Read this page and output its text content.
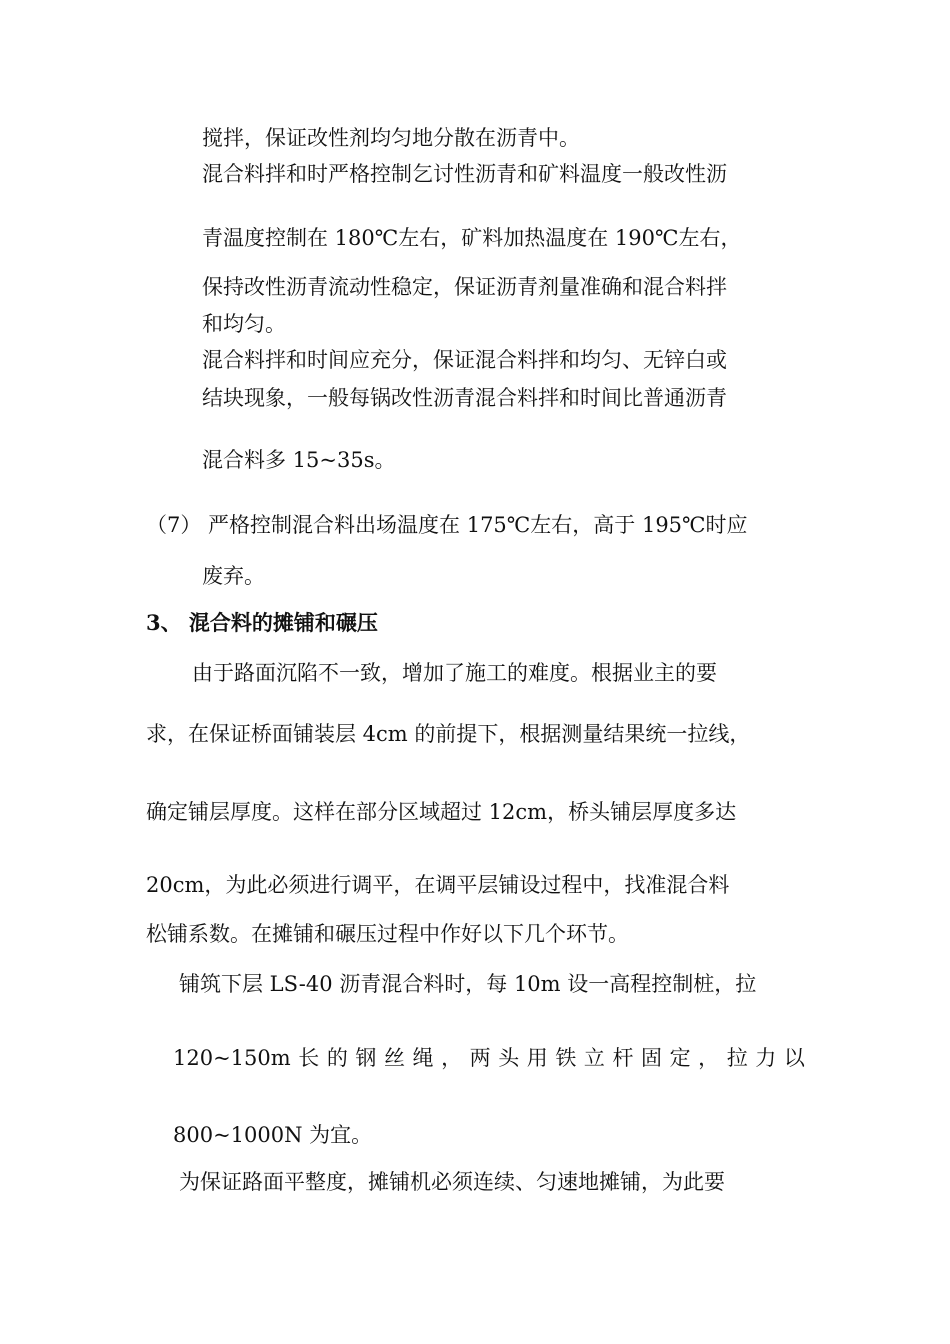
搅拌，保证改性剂均匀地分散在沥青中。
混合料拌和时严格控制乞讨性沥青和矿料温度一般改性沥
青温度控制在 180℃左右，矿料加热温度在 190℃左右，
保持改性沥青流动性稳定，保证沥青剂量准确和混合料拌
和均匀。
混合料拌和时间应充分，保证混合料拌和均匀、无锌白或
结块现象，一般每锅改性沥青混合料拌和时间比普通沥青
混合料多 15~35s。
（7） 严格控制混合料出场温度在 175℃左右，高于 195℃时应
废弃。
3、 混合料的摊铺和碾压
由于路面沉陷不一致，增加了施工的难度。根据业主的要
求，在保证桥面铺装层 4cm 的前提下，根据测量结果统一拉线，
确定铺层厚度。这样在部分区域超过 12cm，桥头铺层厚度多达
20cm，为此必须进行调平，在调平层铺设过程中，找准混合料
松铺系数。在摊铺和碾压过程中作好以下几个环节。
铺筑下层 LS-40 沥青混合料时，每 10m 设一高程控制桩，拉
120~150m 长 的 钢 丝 绳 ， 两 头 用 铁 立 杆 固 定 ， 拉 力 以
800~1000N 为宜。
为保证路面平整度，摊铺机必须连续、匀速地摊铺，为此要
